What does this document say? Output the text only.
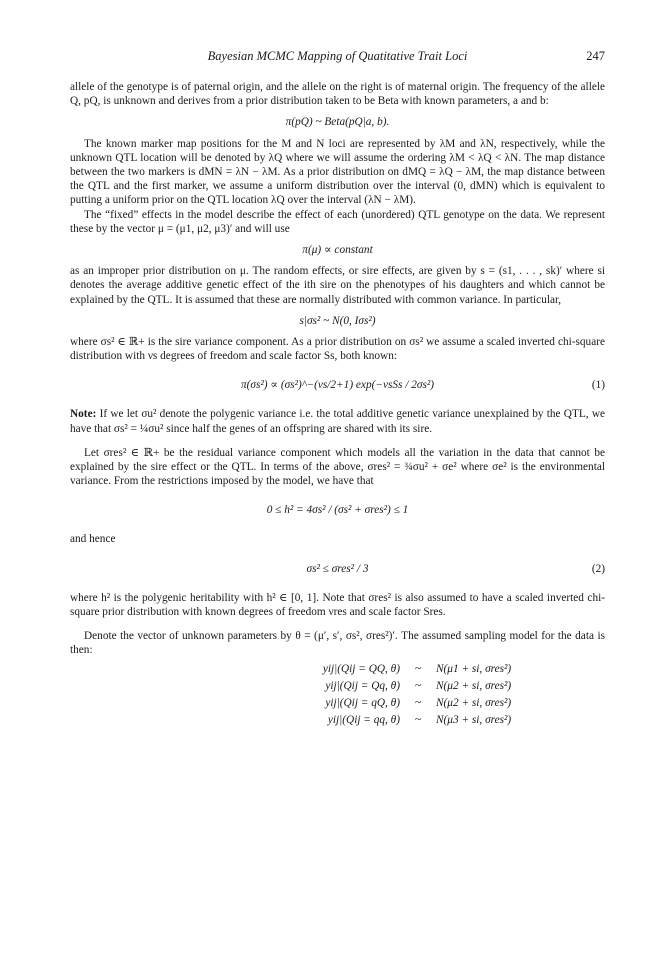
Bayesian MCMC Mapping of Quatitative Trait Loci	247

allele of the genotype is of paternal origin, and the allele on the right is of maternal origin. The frequency of the allele Q, pQ, is unknown and derives from a prior distribution taken to be Beta with known parameters, a and b:

π(pQ) ~ Beta(pQ|a, b).

The known marker map positions for the M and N loci are represented by λM and λN, respectively, while the unknown QTL location will be denoted by λQ where we will assume the ordering λM < λQ < λN. The map distance between the two markers is dMN = λN − λM. As a prior distribution on dMQ = λQ − λM, the map distance between the QTL and the first marker, we assume a uniform distribution over the interval (0, dMN) which is equivalent to putting a uniform prior on the QTL location λQ over the interval (λN − λM).

The “fixed” effects in the model describe the effect of each (unordered) QTL genotype on the data. We represent these by the vector μ = (μ1, μ2, μ3)′ and will use

π(μ) ∝ constant

as an improper prior distribution on μ. The random effects, or sire effects, are given by s = (s1, . . . , sk)′ where si denotes the average additive genetic effect of the ith sire on the phenotypes of his daughters and which cannot be explained by the QTL. It is assumed that these are normally distributed with common variance. In particular,

s|σs² ~ N(0, Iσs²)

where σs² ∈ ℝ+ is the sire variance component. As a prior distribution on σs² we assume a scaled inverted chi-square distribution with νs degrees of freedom and scale factor Ss, both known:

π(σs²) ∝ (σs²)^−(νs/2+1) exp(−νsSs / 2σs²)	(1)

Note: If we let σu² denote the polygenic variance i.e. the total additive genetic variance unexplained by the QTL, we have that σs² = ¼σu² since half the genes of an offspring are shared with its sire.

Let σres² ∈ ℝ+ be the residual variance component which models all the variation in the data that cannot be explained by the sire effect or the QTL. In terms of the above, σres² = ¾σu² + σe² where σe² is the environmental variance. From the restrictions imposed by the model, we have that

0 ≤ h² = 4σs² / (σs² + σres²) ≤ 1

and hence

σs² ≤ σres² / 3	(2)

where h² is the polygenic heritability with h² ∈ [0, 1]. Note that σres² is also assumed to have a scaled inverted chi-square prior distribution with known degrees of freedom νres and scale factor Sres.

Denote the vector of unknown parameters by θ = (μ′, s′, σs², σres²)′. The assumed sampling model for the data is then:

yij|(Qij = QQ, θ)	~	N(μ1 + si, σres²)
yij|(Qij = Qq, θ)	~	N(μ2 + si, σres²)
yij|(Qij = qQ, θ)	~	N(μ2 + si, σres²)
yij|(Qij = qq, θ)	~	N(μ3 + si, σres²)
